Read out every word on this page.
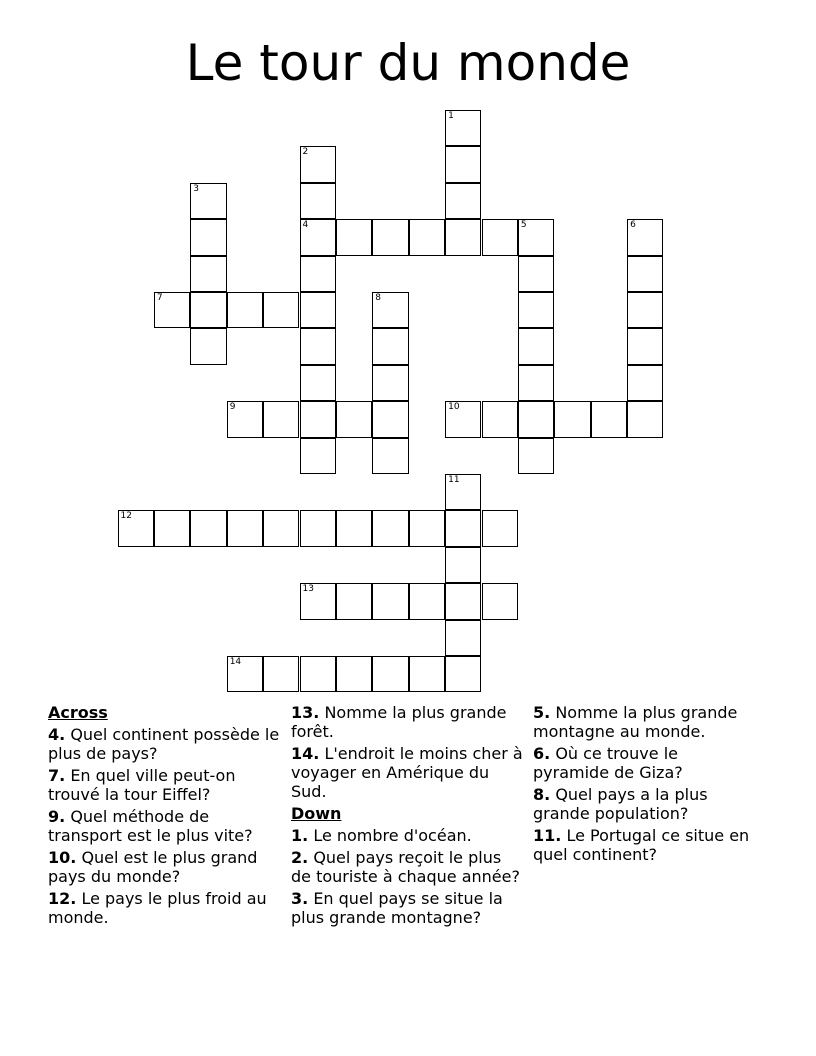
Le tour du monde
1
2
4
3
5	6
7	8
9	10
11
12
13
14
Across
4. Quel continent possède le plus de pays?
7. En quel ville peut-on trouvé la tour Eiffel?
9. Quel méthode de transport est le plus vite?
10. Quel est le plus grand pays du monde?
12. Le pays le plus froid au monde.
13. Nomme la plus grande forêt.
14. L'endroit le moins cher à voyager en Amérique du Sud.
Down
1. Le nombre d'océan.
2. Quel pays reçoit le plus de touriste à chaque année?
3. En quel pays se situe la plus grande montagne?
5. Nomme la plus grande montagne au monde.
6. Où ce trouve le pyramide de Giza?
8. Quel pays a la plus grande population?
11. Le Portugal ce situe en quel continent?
